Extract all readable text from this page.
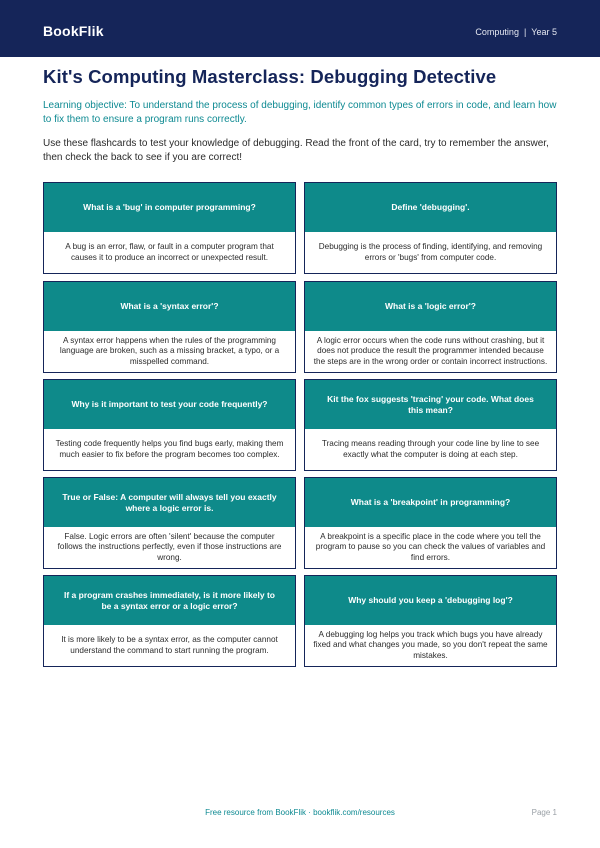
BookFlik	Computing | Year 5
Kit's Computing Masterclass: Debugging Detective

Learning objective: To understand the process of debugging, identify common types of errors in code, and learn how to fix them to ensure a program runs correctly.

Use these flashcards to test your knowledge of debugging. Read the front of the card, try to remember the answer, then check the back to see if you are correct!

What is a 'bug' in computer programming?
A bug is an error, flaw, or fault in a computer program that causes it to produce an incorrect or unexpected result.
Define 'debugging'.
Debugging is the process of finding, identifying, and removing errors or 'bugs' from computer code.
What is a 'syntax error'?
A syntax error happens when the rules of the programming language are broken, such as a missing bracket, a typo, or a misspelled command.
What is a 'logic error'?
A logic error occurs when the code runs without crashing, but it does not produce the result the programmer intended because the steps are in the wrong order or contain incorrect instructions.
Why is it important to test your code frequently?
Testing code frequently helps you find bugs early, making them much easier to fix before the program becomes too complex.
Kit the fox suggests 'tracing' your code. What does this mean?
Tracing means reading through your code line by line to see exactly what the computer is doing at each step.
True or False: A computer will always tell you exactly where a logic error is.
False. Logic errors are often 'silent' because the computer follows the instructions perfectly, even if those instructions are wrong.
What is a 'breakpoint' in programming?
A breakpoint is a specific place in the code where you tell the program to pause so you can check the values of variables and find errors.
If a program crashes immediately, is it more likely to be a syntax error or a logic error?
It is more likely to be a syntax error, as the computer cannot understand the command to start running the program.
Why should you keep a 'debugging log'?
A debugging log helps you track which bugs you have already fixed and what changes you made, so you don't repeat the same mistakes.
Free resource from BookFlik · bookflik.com/resources	Page 1
